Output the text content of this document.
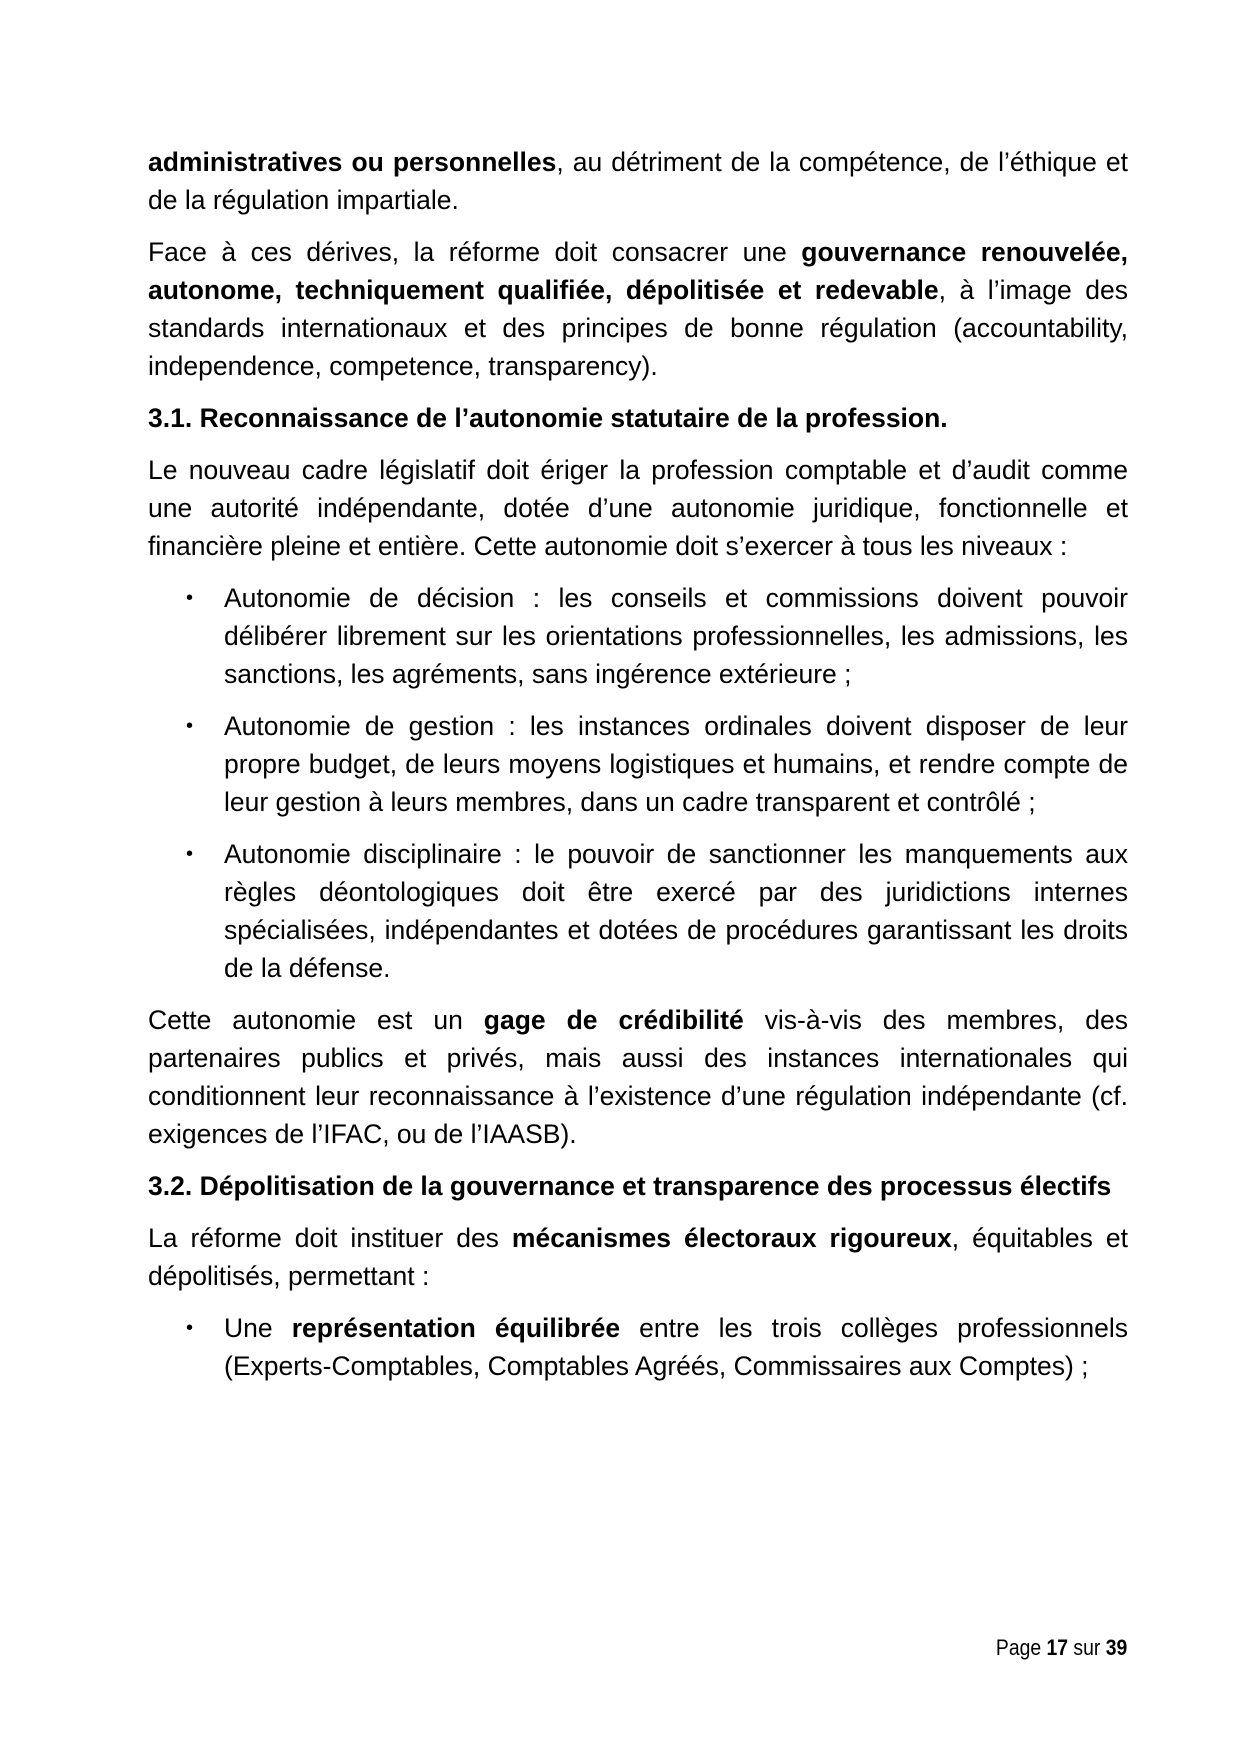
administratives ou personnelles, au détriment de la compétence, de l’éthique et de la régulation impartiale.

Face à ces dérives, la réforme doit consacrer une gouvernance renouvelée, autonome, techniquement qualifiée, dépolitisée et redevable, à l’image des standards internationaux et des principes de bonne régulation (accountability, independence, competence, transparency).

3.1. Reconnaissance de l’autonomie statutaire de la profession.

Le nouveau cadre législatif doit ériger la profession comptable et d’audit comme une autorité indépendante, dotée d’une autonomie juridique, fonctionnelle et financière pleine et entière. Cette autonomie doit s’exercer à tous les niveaux :

• Autonomie de décision : les conseils et commissions doivent pouvoir délibérer librement sur les orientations professionnelles, les admissions, les sanctions, les agréments, sans ingérence extérieure ;
• Autonomie de gestion : les instances ordinales doivent disposer de leur propre budget, de leurs moyens logistiques et humains, et rendre compte de leur gestion à leurs membres, dans un cadre transparent et contrôlé ;
• Autonomie disciplinaire : le pouvoir de sanctionner les manquements aux règles déontologiques doit être exercé par des juridictions internes spécialisées, indépendantes et dotées de procédures garantissant les droits de la défense.

Cette autonomie est un gage de crédibilité vis-à-vis des membres, des partenaires publics et privés, mais aussi des instances internationales qui conditionnent leur reconnaissance à l’existence d’une régulation indépendante (cf. exigences de l’IFAC, ou de l’IAASB).

3.2. Dépolitisation de la gouvernance et transparence des processus électifs

La réforme doit instituer des mécanismes électoraux rigoureux, équitables et dépolitisés, permettant :

• Une représentation équilibrée entre les trois collèges professionnels (Experts-Comptables, Comptables Agréés, Commissaires aux Comptes) ;
Page 17 sur 39
